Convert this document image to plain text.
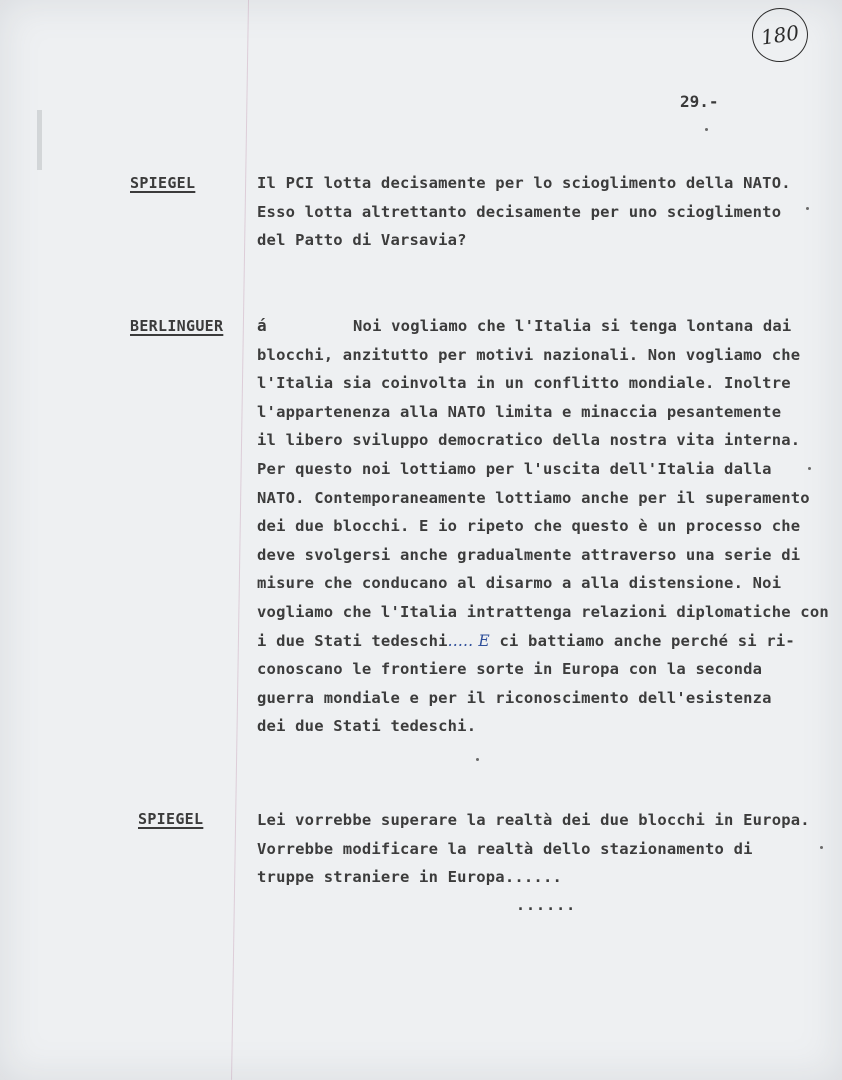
180
29.-
SPIEGEL	Il PCI lotta decisamente per lo scioglimento della NATO.
Esso lotta altrettanto decisamente per uno scioglimento
del Patto di Varsavia?
BERLINGUER á	Noi vogliamo che l'Italia si tenga lontana dai
blocchi, anzitutto per motivi nazionali. Non vogliamo che
l'Italia sia coinvolta in un conflitto mondiale. Inoltre
l'appartenenza alla NATO limita e minaccia pesantemente
il libero sviluppo democratico della nostra vita interna.
Per questo noi lottiamo per l'uscita dell'Italia dalla
NATO. Contemporaneamente lottiamo anche per il superamento
dei due blocchi. E io ripeto che questo è un processo che
deve svolgersi anche gradualmente attraverso una serie di
misure che conducano al disarmo a alla distensione. Noi
vogliamo che l'Italia intrattenga relazioni diplomatiche con
i due Stati tedeschi..... E ci battiamo anche perché si ri-
conoscano le frontiere sorte in Europa con la seconda
guerra mondiale e per il riconoscimento dell'esistenza
dei due Stati tedeschi.
SPIEGEL	Lei vorrebbe superare la realtà dei due blocchi in Europa.
Vorrebbe modificare la realtà dello stazionamento di
truppe straniere in Europa......
......
